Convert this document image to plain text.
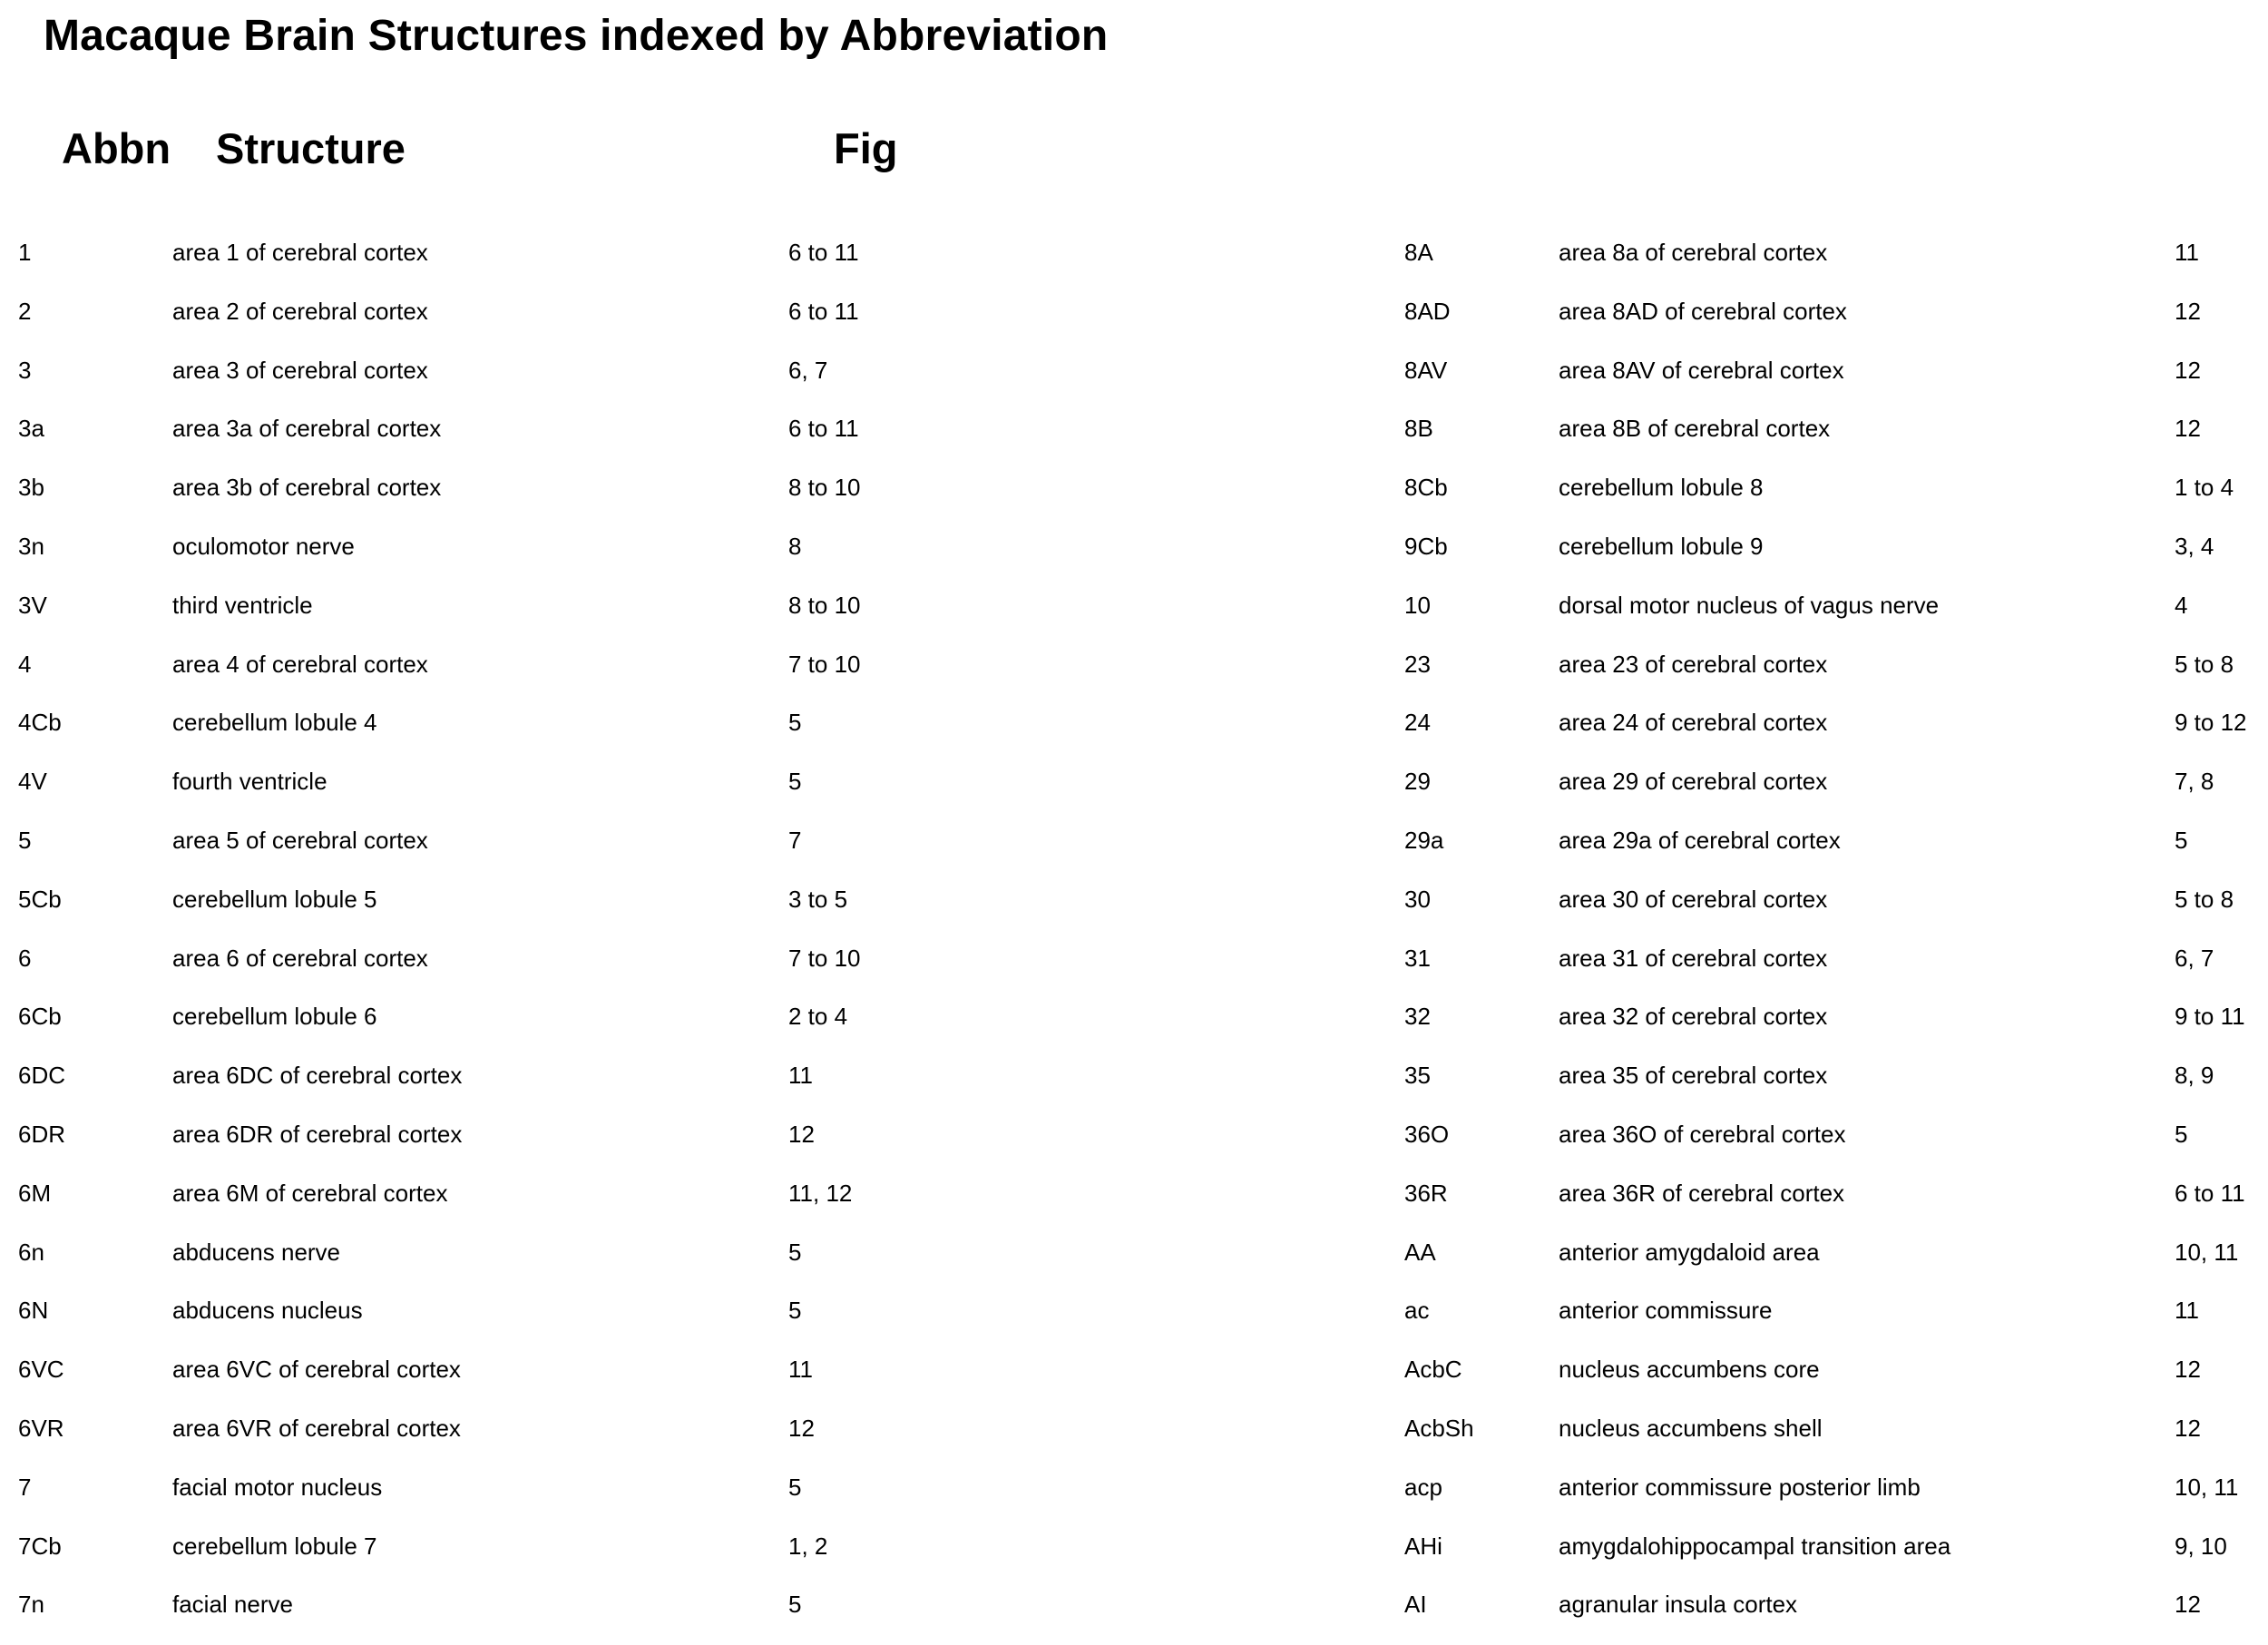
Macaque Brain Structures indexed by Abbreviation
Abbn Structure	Fig
1	area 1 of cerebral cortex	6 to 11
2	area 2 of cerebral cortex	6 to 11
3	area 3 of cerebral cortex	6, 7
3a	area 3a of cerebral cortex	6 to 11
3b	area 3b of cerebral cortex	8 to 10
3n	oculomotor nerve	8
3V	third ventricle	8 to 10
4	area 4 of cerebral cortex	7 to 10
4Cb	cerebellum lobule 4	5
4V	fourth ventricle	5
5	area 5 of cerebral cortex	7
5Cb	cerebellum lobule 5	3 to 5
6	area 6 of cerebral cortex	7 to 10
6Cb	cerebellum lobule 6	2 to 4
6DC	area 6DC of cerebral cortex	11
6DR	area 6DR of cerebral cortex	12
6M	area 6M of cerebral cortex	11, 12
6n	abducens nerve	5
6N	abducens nucleus	5
6VC	area 6VC of cerebral cortex	11
6VR	area 6VR of cerebral cortex	12
7	facial motor nucleus	5
7Cb	cerebellum lobule 7	1, 2
7n	facial nerve	5
8A	area 8a of cerebral cortex	11
8AD	area 8AD of cerebral cortex	12
8AV	area 8AV of cerebral cortex	12
8B	area 8B of cerebral cortex	12
8Cb	cerebellum lobule 8	1 to 4
9Cb	cerebellum lobule 9	3, 4
10	dorsal motor nucleus of vagus nerve	4
23	area 23 of cerebral cortex	5 to 8
24	area 24 of cerebral cortex	9 to 12
29	area 29 of cerebral cortex	7, 8
29a	area 29a of cerebral cortex	5
30	area 30 of cerebral cortex	5 to 8
31	area 31 of cerebral cortex	6, 7
32	area 32 of cerebral cortex	9 to 11
35	area 35 of cerebral cortex	8, 9
36O	area 36O of cerebral cortex	5
36R	area 36R of cerebral cortex	6 to 11
AA	anterior amygdaloid area	10, 11
ac	anterior commissure	11
AcbC	nucleus accumbens core	12
AcbSh	nucleus accumbens shell	12
acp	anterior commissure posterior limb	10, 11
AHi	amygdalohippocampal transition area	9, 10
AI	agranular insula cortex	12
